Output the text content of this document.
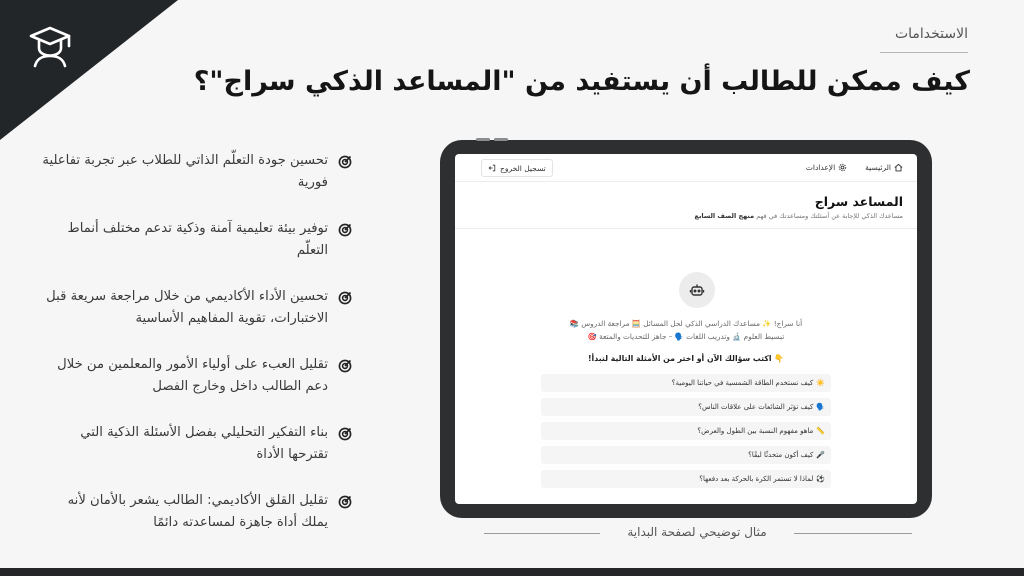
الاستخدامات
كيف ممكن للطالب أن يستفيد من "المساعد الذكي سراج"؟
تحسين جودة التعلّم الذاتي للطلاب عبر تجربة تفاعلية فورية
توفير بيئة تعليمية آمنة وذكية تدعم مختلف أنماط التعلّم
تحسين الأداء الأكاديمي من خلال مراجعة سريعة قبل الاختبارات، تقوية المفاهيم الأساسية
تقليل العبء على أولياء الأمور والمعلمين من خلال دعم الطالب داخل وخارج الفصل
بناء التفكير التحليلي بفضل الأسئلة الذكية التي تقترحها الأداة
تقليل القلق الأكاديمي: الطالب يشعر بالأمان لأنه يملك أداة جاهزة لمساعدته دائمًا
الرئيسية
الإعدادات
تسجيل الخروج
المساعد سراج
مساعدك الذكي للإجابة عن أسئلتك ومساعدتك في فهم منهج الصف السابع
أنا سراج! ✨ مساعدك الدراسي الذكي لحل المسائل 🧮 مراجعة الدروس 📚
تبسيط العلوم 🔬 وتدريب اللغات 🗣️ – جاهز للتحديات والمتعة 🎯
👇 اكتب سؤالك الآن أو اختر من الأمثلة التالية لنبدأ!
☀️
كيف نستخدم الطاقة الشمسية في حياتنا اليومية؟
🗣️
كيف تؤثر الشائعات على علاقات الناس؟
📏
ماهو مفهوم النسبة بين الطول والعرض؟
🎤
كيف أكون متحدثًا لبقًا؟
⚽
لماذا لا تستمر الكرة بالحركة بعد دفعها؟
مثال توضيحي لصفحة البداية
